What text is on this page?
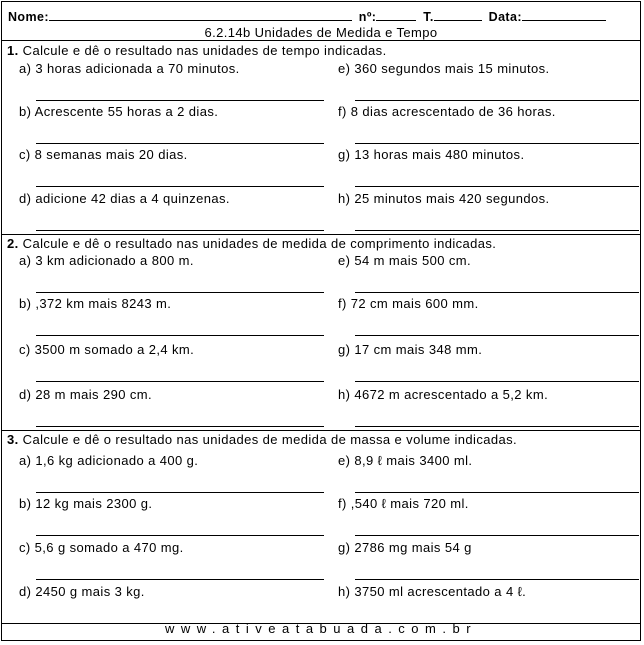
Nome:	nº:	T.	Data:
6.2.14b Unidades de Medida e Tempo
1. Calcule e dê o resultado nas unidades de tempo indicadas.
a) 3 horas adicionada a 70 minutos.
b) Acrescente 55 horas a 2 dias.
c) 8 semanas mais 20 dias.
d) adicione 42 dias a 4 quinzenas.
e) 360 segundos mais 15 minutos.
f) 8 dias acrescentado de 36 horas.
g) 13 horas mais 480 minutos.
h) 25 minutos mais 420 segundos.
2. Calcule e dê o resultado nas unidades de medida de comprimento indicadas.
a) 3 km adicionado a 800 m.
b) ,372 km mais 8243 m.
c) 3500 m somado a 2,4 km.
d) 28 m mais 290 cm.
e) 54 m mais 500 cm.
f) 72 cm mais 600 mm.
g) 17 cm mais 348 mm.
h) 4672 m acrescentado a 5,2 km.
3. Calcule e dê o resultado nas unidades de medida de massa e volume indicadas.
a) 1,6 kg adicionado a 400 g.
b) 12 kg mais 2300 g.
c) 5,6 g somado a 470 mg.
d) 2450 g mais 3 kg.
e) 8,9 ℓ mais 3400 ml.
f) ,540 ℓ mais 720 ml.
g) 2786 mg mais 54 g
h) 3750 ml acrescentado a 4 ℓ.
www.ativeatabuada.com.br
